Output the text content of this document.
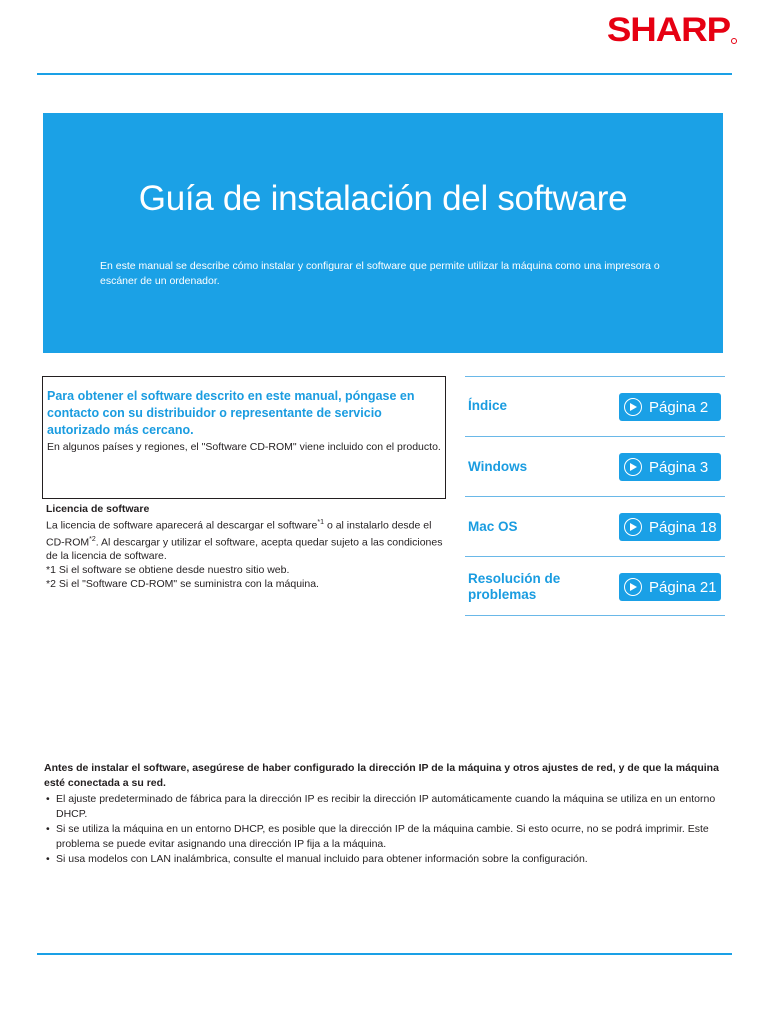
SHARP
Guía de instalación del software

En este manual se describe cómo instalar y configurar el software que permite utilizar la máquina como una impresora o escáner de un ordenador.

Para obtener el software descrito en este manual, póngase en contacto con su distribuidor o representante de servicio autorizado más cercano.
En algunos países y regiones, el "Software CD-ROM" viene incluido con el producto.
Licencia de software
La licencia de software aparecerá al descargar el software$^{*1}$ o al instalarlo desde el CD-ROM$^{*2}$. Al descargar y utilizar el software, acepta quedar sujeto a las condiciones de la licencia de software.
*1 Si el software se obtiene desde nuestro sitio web.
*2 Si el "Software CD-ROM" se suministra con la máquina.
Índice	Página 2
Windows	Página 3
Mac OS	Página 18
Resolución de problemas	Página 21
Antes de instalar el software, asegúrese de haber configurado la dirección IP de la máquina y otros ajustes de red, y de que la máquina esté conectada a su red.
• El ajuste predeterminado de fábrica para la dirección IP es recibir la dirección IP automáticamente cuando la máquina se utiliza en un entorno DHCP.
• Si se utiliza la máquina en un entorno DHCP, es posible que la dirección IP de la máquina cambie. Si esto ocurre, no se podrá imprimir. Este problema se puede evitar asignando una dirección IP fija a la máquina.
• Si usa modelos con LAN inalámbrica, consulte el manual incluido para obtener información sobre la configuración.
